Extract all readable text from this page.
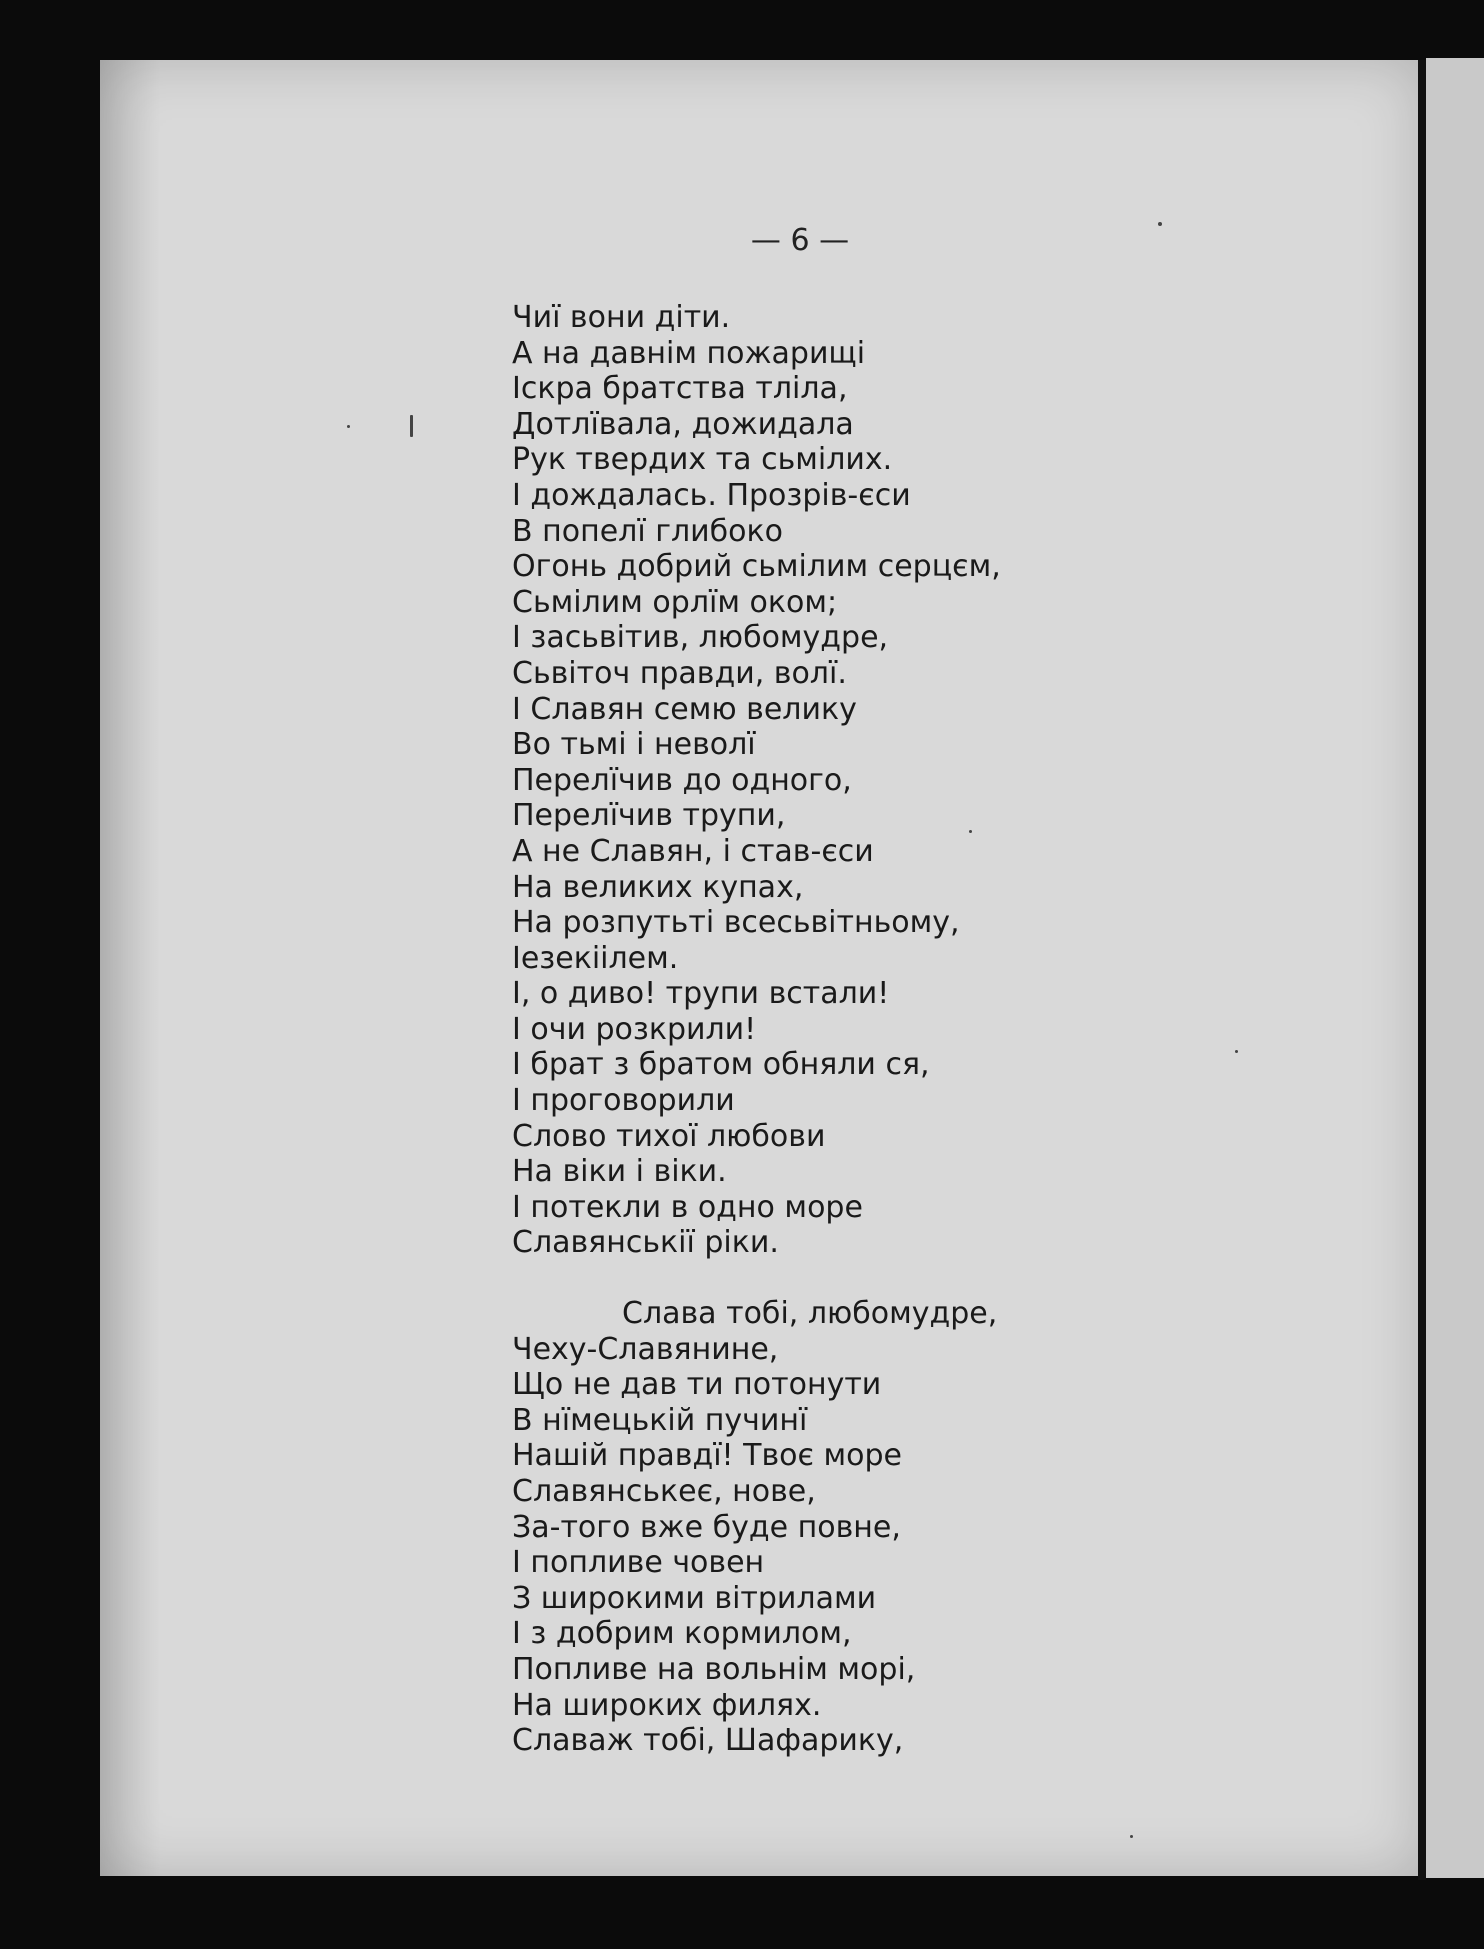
— 6 —
Чиї вони діти.
А на давнім пожарищі
Іскра братства тліла,
Дотлївала, дожидала
Рук твердих та сьмілих.
І дождалась. Прозрів-єси
В попелї глибоко
Огонь добрий сьмілим серцєм,
Сьмілим орлїм оком;
І засьвітив, любомудре,
Сьвіточ правди, волї.
І Славян семю велику
Во тьмі і неволї
Перелїчив до одного,
Перелїчив трупи,
А не Славян, і став-єси
На великих купах,
На розпутьті всесьвітньому,
Іезекіілем.
І, о диво! трупи встали!
І очи розкрили!
І брат з братом обняли ся,
І проговорили
Слово тихої любови
На віки і віки.
І потекли в одно море
Славянськії ріки.
Слава тобі, любомудре,
Чеху-Славянине,
Що не дав ти потонути
В нїмецькій пучинї
Нашій правдї! Твоє море
Славянськеє, нове,
За-того вже буде повне,
І попливе човен
З широкими вітрилами
І з добрим кормилом,
Попливе на вольнім морі,
На широких филях.
Славаж тобі, Шафарику,
